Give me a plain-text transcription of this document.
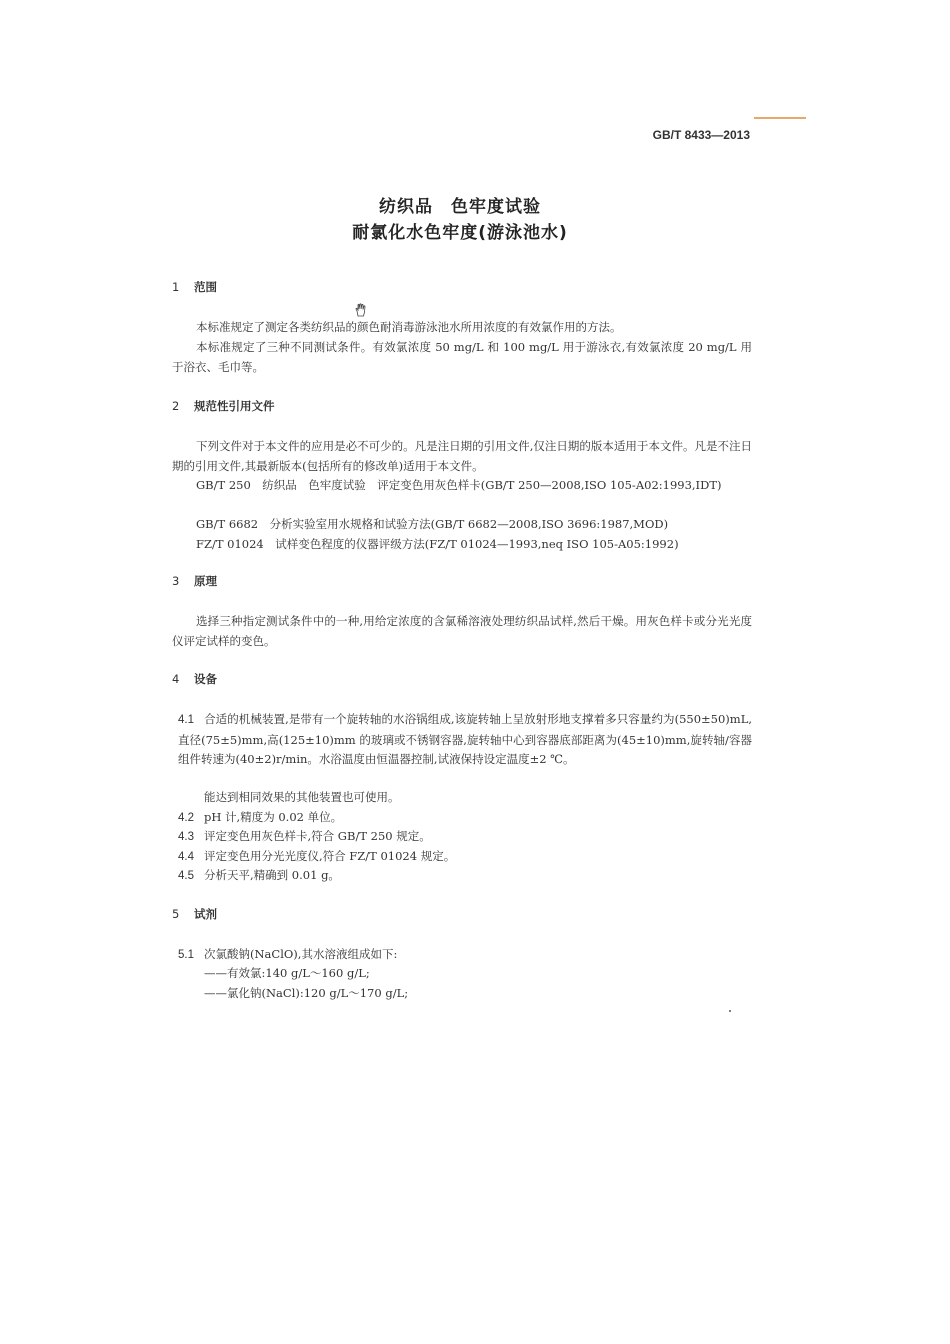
GB/T 8433—2013
纺织品　色牢度试验
耐氯化水色牢度(游泳池水)
1 范围
本标准规定了测定各类纺织品的颜色耐消毒游泳池水所用浓度的有效氯作用的方法。
本标准规定了三种不同测试条件。有效氯浓度 50 mg/L 和 100 mg/L 用于游泳衣,有效氯浓度 20 mg/L 用于浴衣、毛巾等。
2 规范性引用文件
下列文件对于本文件的应用是必不可少的。凡是注日期的引用文件,仅注日期的版本适用于本文件。凡是不注日期的引用文件,其最新版本(包括所有的修改单)适用于本文件。
GB/T 250　纺织品　色牢度试验　评定变色用灰色样卡(GB/T 250—2008,ISO 105-A02:1993,IDT)
GB/T 6682　分析实验室用水规格和试验方法(GB/T 6682—2008,ISO 3696:1987,MOD)
FZ/T 01024　试样变色程度的仪器评级方法(FZ/T 01024—1993,neq ISO 105-A05:1992)
3 原理
选择三种指定测试条件中的一种,用给定浓度的含氯稀溶液处理纺织品试样,然后干燥。用灰色样卡或分光光度仪评定试样的变色。
4 设备
4.1 合适的机械装置,是带有一个旋转轴的水浴锅组成,该旋转轴上呈放射形地支撑着多只容量约为(550±50)mL,直径(75±5)mm,高(125±10)mm 的玻璃或不锈钢容器,旋转轴中心到容器底部距离为(45±10)mm,旋转轴/容器组件转速为(40±2)r/min。水浴温度由恒温器控制,试液保持设定温度±2 ℃。
能达到相同效果的其他装置也可使用。
4.2 pH 计,精度为 0.02 单位。
4.3 评定变色用灰色样卡,符合 GB/T 250 规定。
4.4 评定变色用分光光度仪,符合 FZ/T 01024 规定。
4.5 分析天平,精确到 0.01 g。
5 试剂
5.1 次氯酸钠(NaClO),其水溶液组成如下:
——有效氯:140 g/L～160 g/L;
——氯化钠(NaCl):120 g/L～170 g/L;
